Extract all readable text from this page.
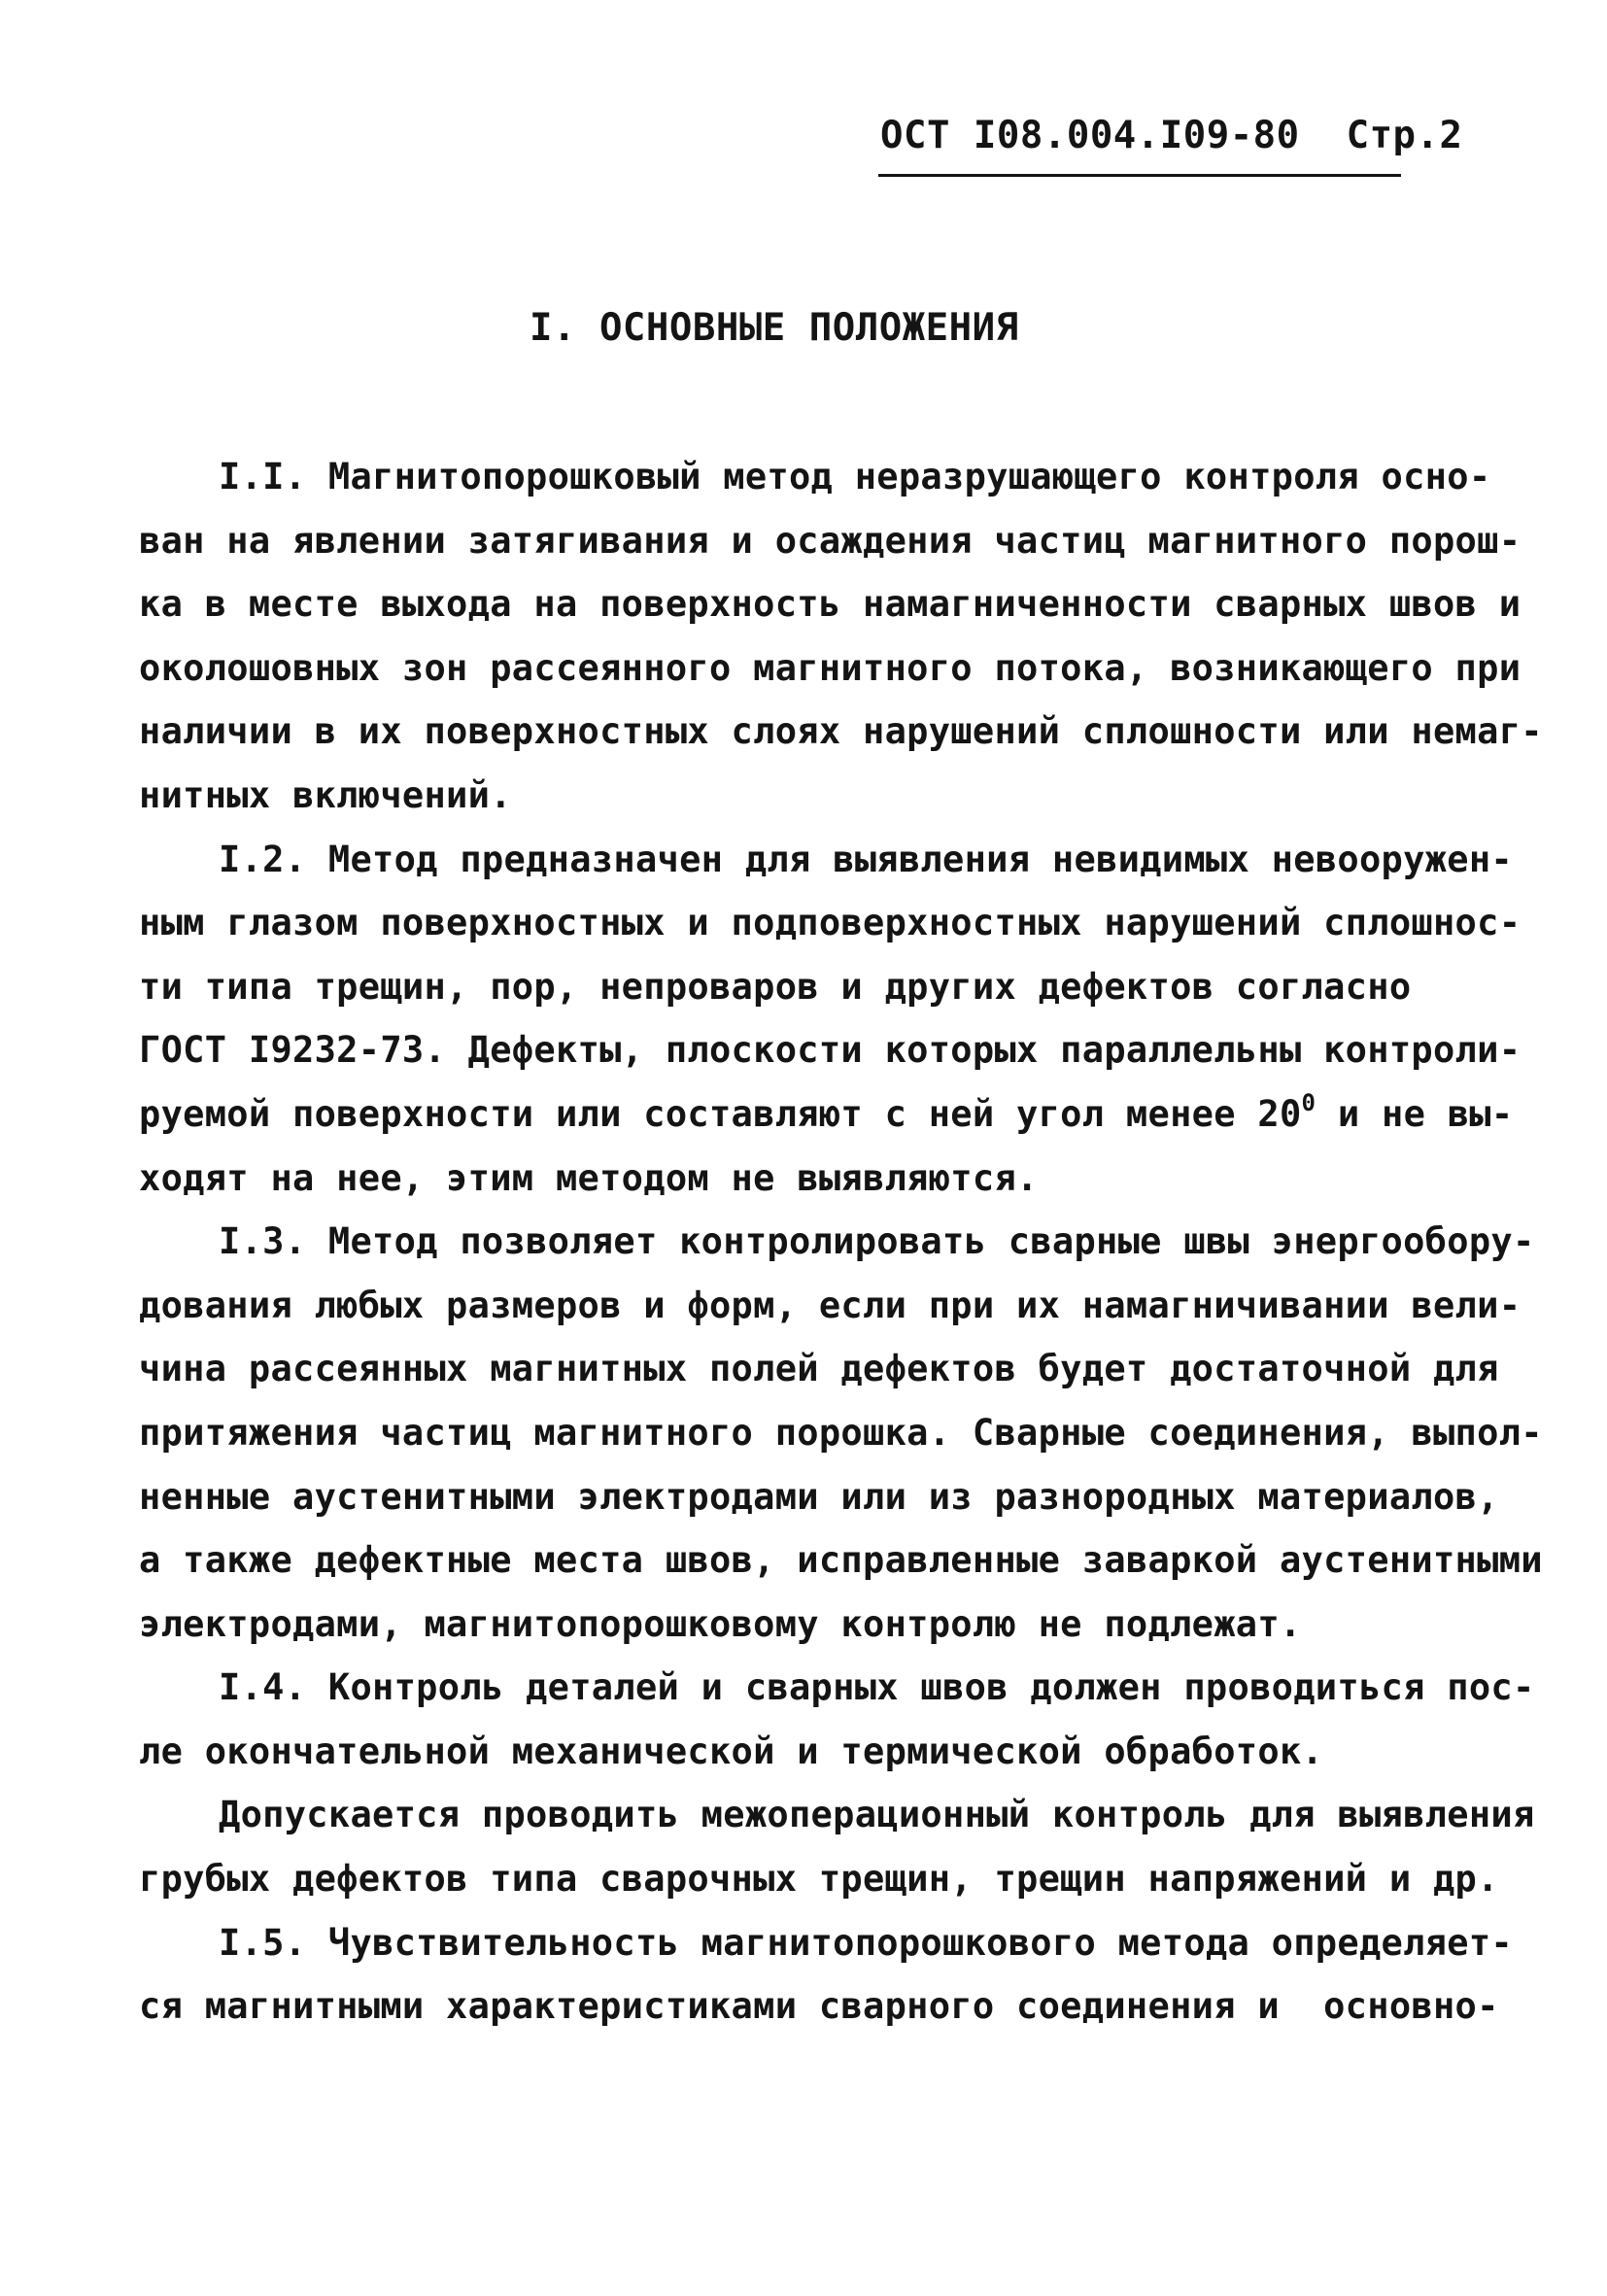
ОСТ I08.004.I09-80  Стр.2
I. ОСНОВНЫЕ ПОЛОЖЕНИЯ
I.I. Магнитопорошковый метод неразрушающего контроля осно-
ван на явлении затягивания и осаждения частиц магнитного порош-
ка в месте выхода на поверхность намагниченности сварных швов и
околошовных зон рассеянного магнитного потока, возникающего при
наличии в их поверхностных слоях нарушений сплошности или немаг-
нитных включений.
I.2. Метод предназначен для выявления невидимых невооружен-
ным глазом поверхностных и подповерхностных нарушений сплошнос-
ти типа трещин, пор, непроваров и других дефектов согласно
ГОСТ I9232-73. Дефекты, плоскости которых параллельны контроли-
руемой поверхности или составляют с ней угол менее $20^0$ и не вы-
ходят на нее, этим методом не выявляются.
I.3. Метод позволяет контролировать сварные швы энергообору-
дования любых размеров и форм, если при их намагничивании вели-
чина рассеянных магнитных полей дефектов будет достаточной для
притяжения частиц магнитного порошка. Сварные соединения, выпол-
ненные аустенитными электродами или из разнородных материалов,
а также дефектные места швов, исправленные заваркой аустенитными
электродами, магнитопорошковому контролю не подлежат.
I.4. Контроль деталей и сварных швов должен проводиться пос-
ле окончательной механической и термической обработок.
Допускается проводить межоперационный контроль для выявления
грубых дефектов типа сварочных трещин, трещин напряжений и др.
I.5. Чувствительность магнитопорошкового метода определяет-
ся магнитными характеристиками сварного соединения и  основно-
